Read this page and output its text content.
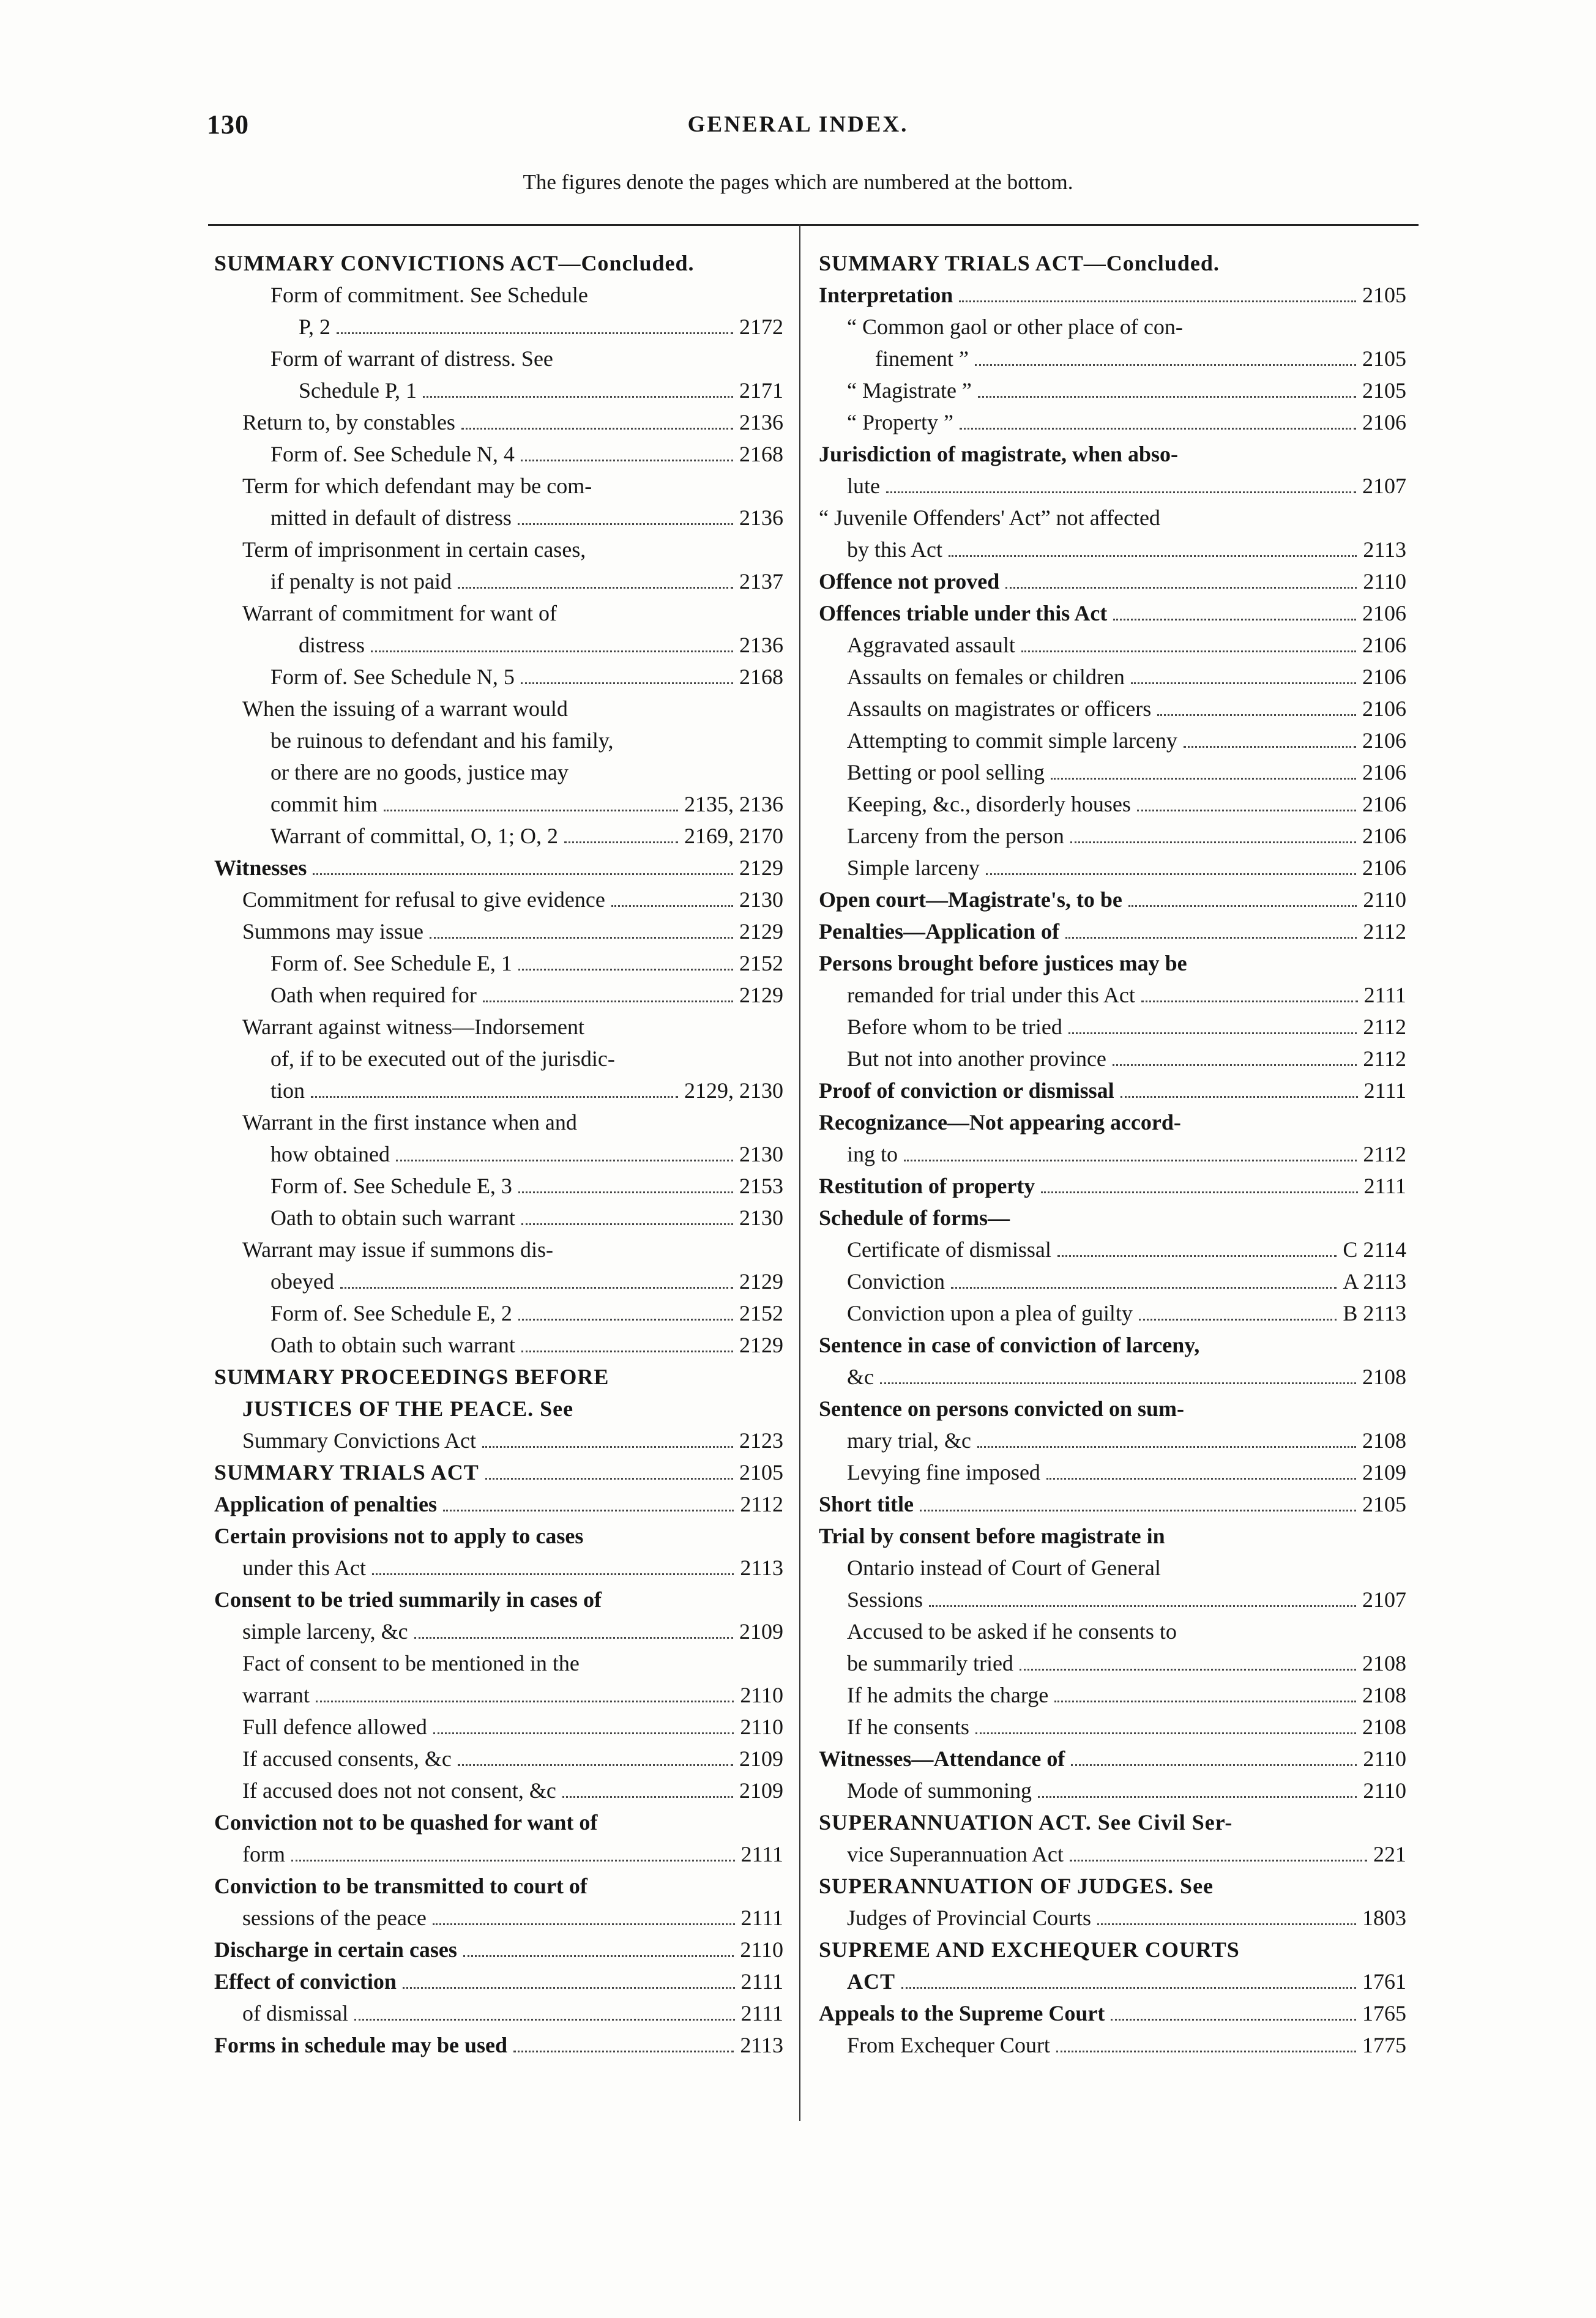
130	GENERAL INDEX.
The figures denote the pages which are numbered at the bottom.
SUMMARY CONVICTIONS ACT—Concluded.
Form of commitment. See Schedule
P, 2	2172
Form of warrant of distress. See
Schedule P, 1	2171
Return to, by constables	2136
Form of. See Schedule N, 4	2168
Term for which defendant may be com-
mitted in default of distress	2136
Term of imprisonment in certain cases,
if penalty is not paid	2137
Warrant of commitment for want of
distress	2136
Form of. See Schedule N, 5	2168
When the issuing of a warrant would
be ruinous to defendant and his family,
or there are no goods, justice may
commit him	2135, 2136
Warrant of committal, O, 1; O, 2	2169, 2170
Witnesses	2129
Commitment for refusal to give evidence	2130
Summons may issue	2129
Form of. See Schedule E, 1	2152
Oath when required for	2129
Warrant against witness—Indorsement
of, if to be executed out of the jurisdic-
tion	2129, 2130
Warrant in the first instance when and
how obtained	2130
Form of. See Schedule E, 3	2153
Oath to obtain such warrant	2130
Warrant may issue if summons dis-
obeyed	2129
Form of. See Schedule E, 2	2152
Oath to obtain such warrant	2129
SUMMARY PROCEEDINGS BEFORE
JUSTICES OF THE PEACE. See
Summary Convictions Act	2123
SUMMARY TRIALS ACT	2105
Application of penalties	2112
Certain provisions not to apply to cases
under this Act	2113
Consent to be tried summarily in cases of
simple larceny, &c	2109
Fact of consent to be mentioned in the
warrant	2110
Full defence allowed	2110
If accused consents, &c	2109
If accused does not not consent, &c	2109
Conviction not to be quashed for want of
form	2111
Conviction to be transmitted to court of
sessions of the peace	2111
Discharge in certain cases	2110
Effect of conviction	2111
of dismissal	2111
Forms in schedule may be used	2113
SUMMARY TRIALS ACT—Concluded.
Interpretation	2105
“ Common gaol or other place of con-
finement ”	2105
“ Magistrate ”	2105
“ Property ”	2106
Jurisdiction of magistrate, when abso-
lute	2107
“ Juvenile Offenders' Act” not affected
by this Act	2113
Offence not proved	2110
Offences triable under this Act	2106
Aggravated assault	2106
Assaults on females or children	2106
Assaults on magistrates or officers	2106
Attempting to commit simple larceny	2106
Betting or pool selling	2106
Keeping, &c., disorderly houses	2106
Larceny from the person	2106
Simple larceny	2106
Open court—Magistrate's, to be	2110
Penalties—Application of	2112
Persons brought before justices may be
remanded for trial under this Act	2111
Before whom to be tried	2112
But not into another province	2112
Proof of conviction or dismissal	2111
Recognizance—Not appearing accord-
ing to	2112
Restitution of property	2111
Schedule of forms—
Certificate of dismissal	C 2114
Conviction	A 2113
Conviction upon a plea of guilty	B 2113
Sentence in case of conviction of larceny,
&c	2108
Sentence on persons convicted on sum-
mary trial, &c	2108
Levying fine imposed	2109
Short title	2105
Trial by consent before magistrate in
Ontario instead of Court of General
Sessions	2107
Accused to be asked if he consents to
be summarily tried	2108
If he admits the charge	2108
If he consents	2108
Witnesses—Attendance of	2110
Mode of summoning	2110
SUPERANNUATION ACT. See Civil Ser-
vice Superannuation Act	221
SUPERANNUATION OF JUDGES. See
Judges of Provincial Courts	1803
SUPREME AND EXCHEQUER COURTS
ACT	1761
Appeals to the Supreme Court	1765
From Exchequer Court	1775
